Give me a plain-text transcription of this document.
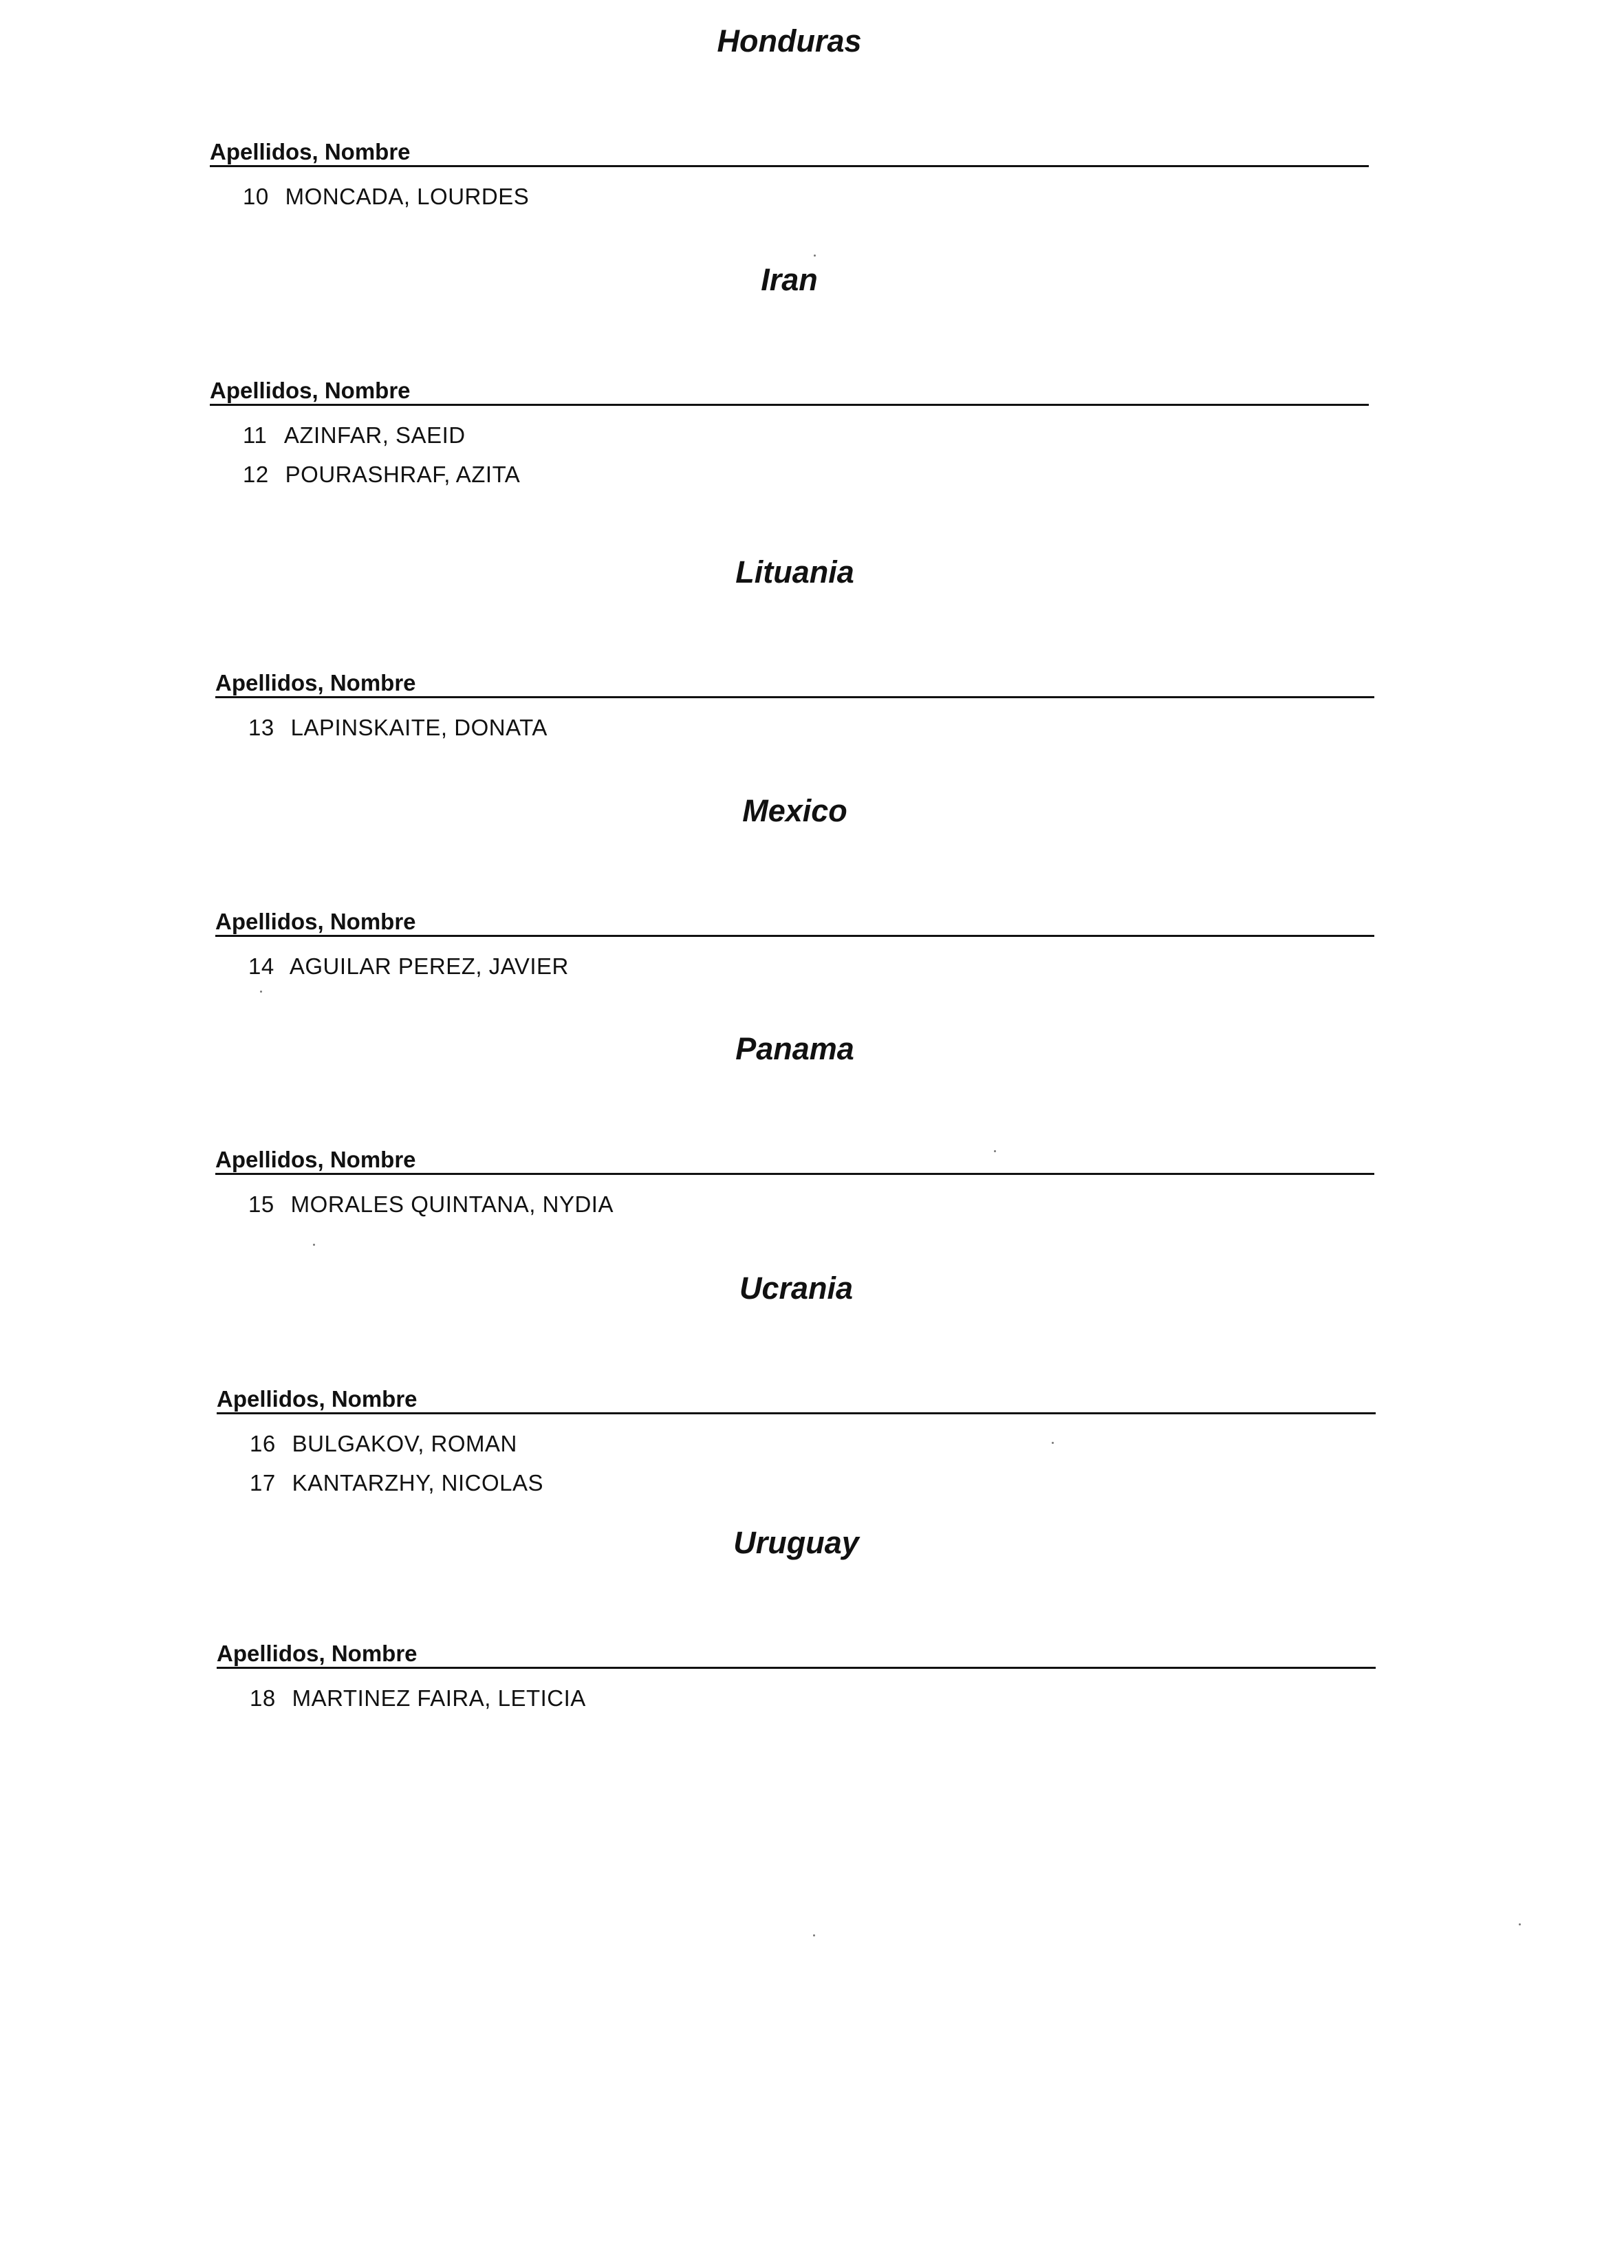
Honduras
Apellidos, Nombre
10 MONCADA, LOURDES
Iran
Apellidos, Nombre
11 AZINFAR, SAEID
12 POURASHRAF, AZITA
Lituania
Apellidos, Nombre
13 LAPINSKAITE, DONATA
Mexico
Apellidos, Nombre
14 AGUILAR PEREZ, JAVIER
Panama
Apellidos, Nombre
15 MORALES QUINTANA, NYDIA
Ucrania
Apellidos, Nombre
16 BULGAKOV, ROMAN
17 KANTARZHY, NICOLAS
Uruguay
Apellidos, Nombre
18 MARTINEZ FAIRA, LETICIA
